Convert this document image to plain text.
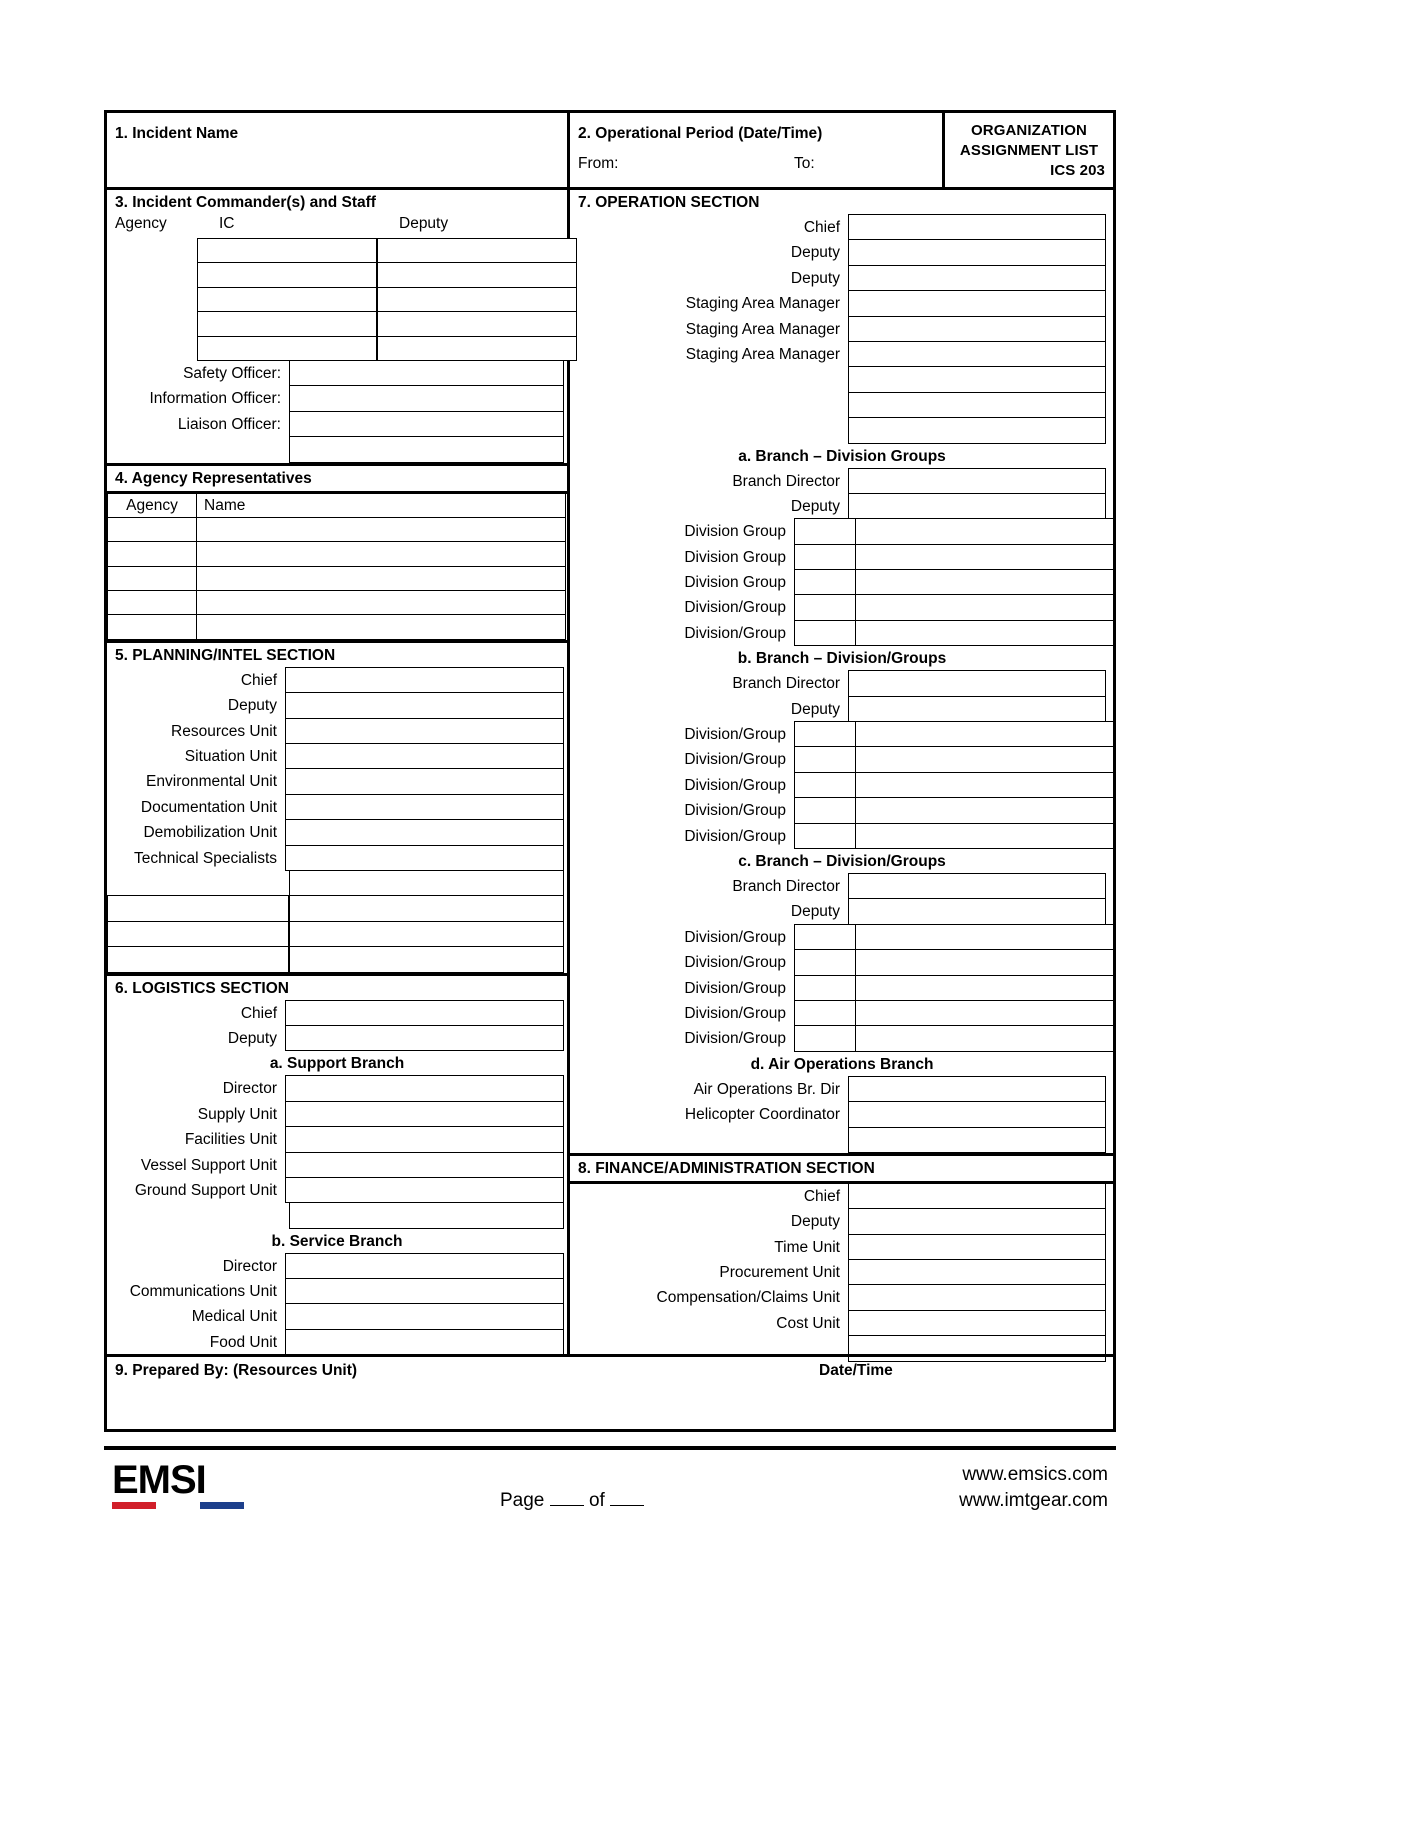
1. Incident Name	2. Operational Period (Date/Time)
From:	To:
ORGANIZATION
ASSIGNMENT LIST
ICS 203
3. Incident Commander(s) and Staff
Agency	IC	Deputy
Safety Officer:
Information Officer:
Liaison Officer:
4. Agency Representatives
Agency	Name
5. PLANNING/INTEL SECTION
Chief
Deputy
Resources Unit
Situation Unit
Environmental Unit
Documentation Unit
Demobilization Unit
Technical Specialists
6. LOGISTICS SECTION
Chief
Deputy
a. Support Branch
Director
Supply Unit
Facilities Unit
Vessel Support Unit
Ground Support Unit
b. Service Branch
Director
Communications Unit
Medical Unit
Food Unit
7. OPERATION SECTION
Chief
Deputy
Deputy
Staging Area Manager
Staging Area Manager
Staging Area Manager
a. Branch – Division Groups
Branch Director
Deputy
Division Group
Division Group
Division Group
Division/Group
Division/Group
b. Branch – Division/Groups
Branch Director
Deputy
Division/Group
Division/Group
Division/Group
Division/Group
Division/Group
c. Branch – Division/Groups
Branch Director
Deputy
Division/Group
Division/Group
Division/Group
Division/Group
Division/Group
d. Air Operations Branch
Air Operations Br. Dir
Helicopter Coordinator
8. FINANCE/ADMINISTRATION SECTION
Chief
Deputy
Time Unit
Procurement Unit
Compensation/Claims Unit
Cost Unit
9. Prepared By: (Resources Unit)	Date/Time
EMSI	Page of
www.emsics.com
www.imtgear.com
